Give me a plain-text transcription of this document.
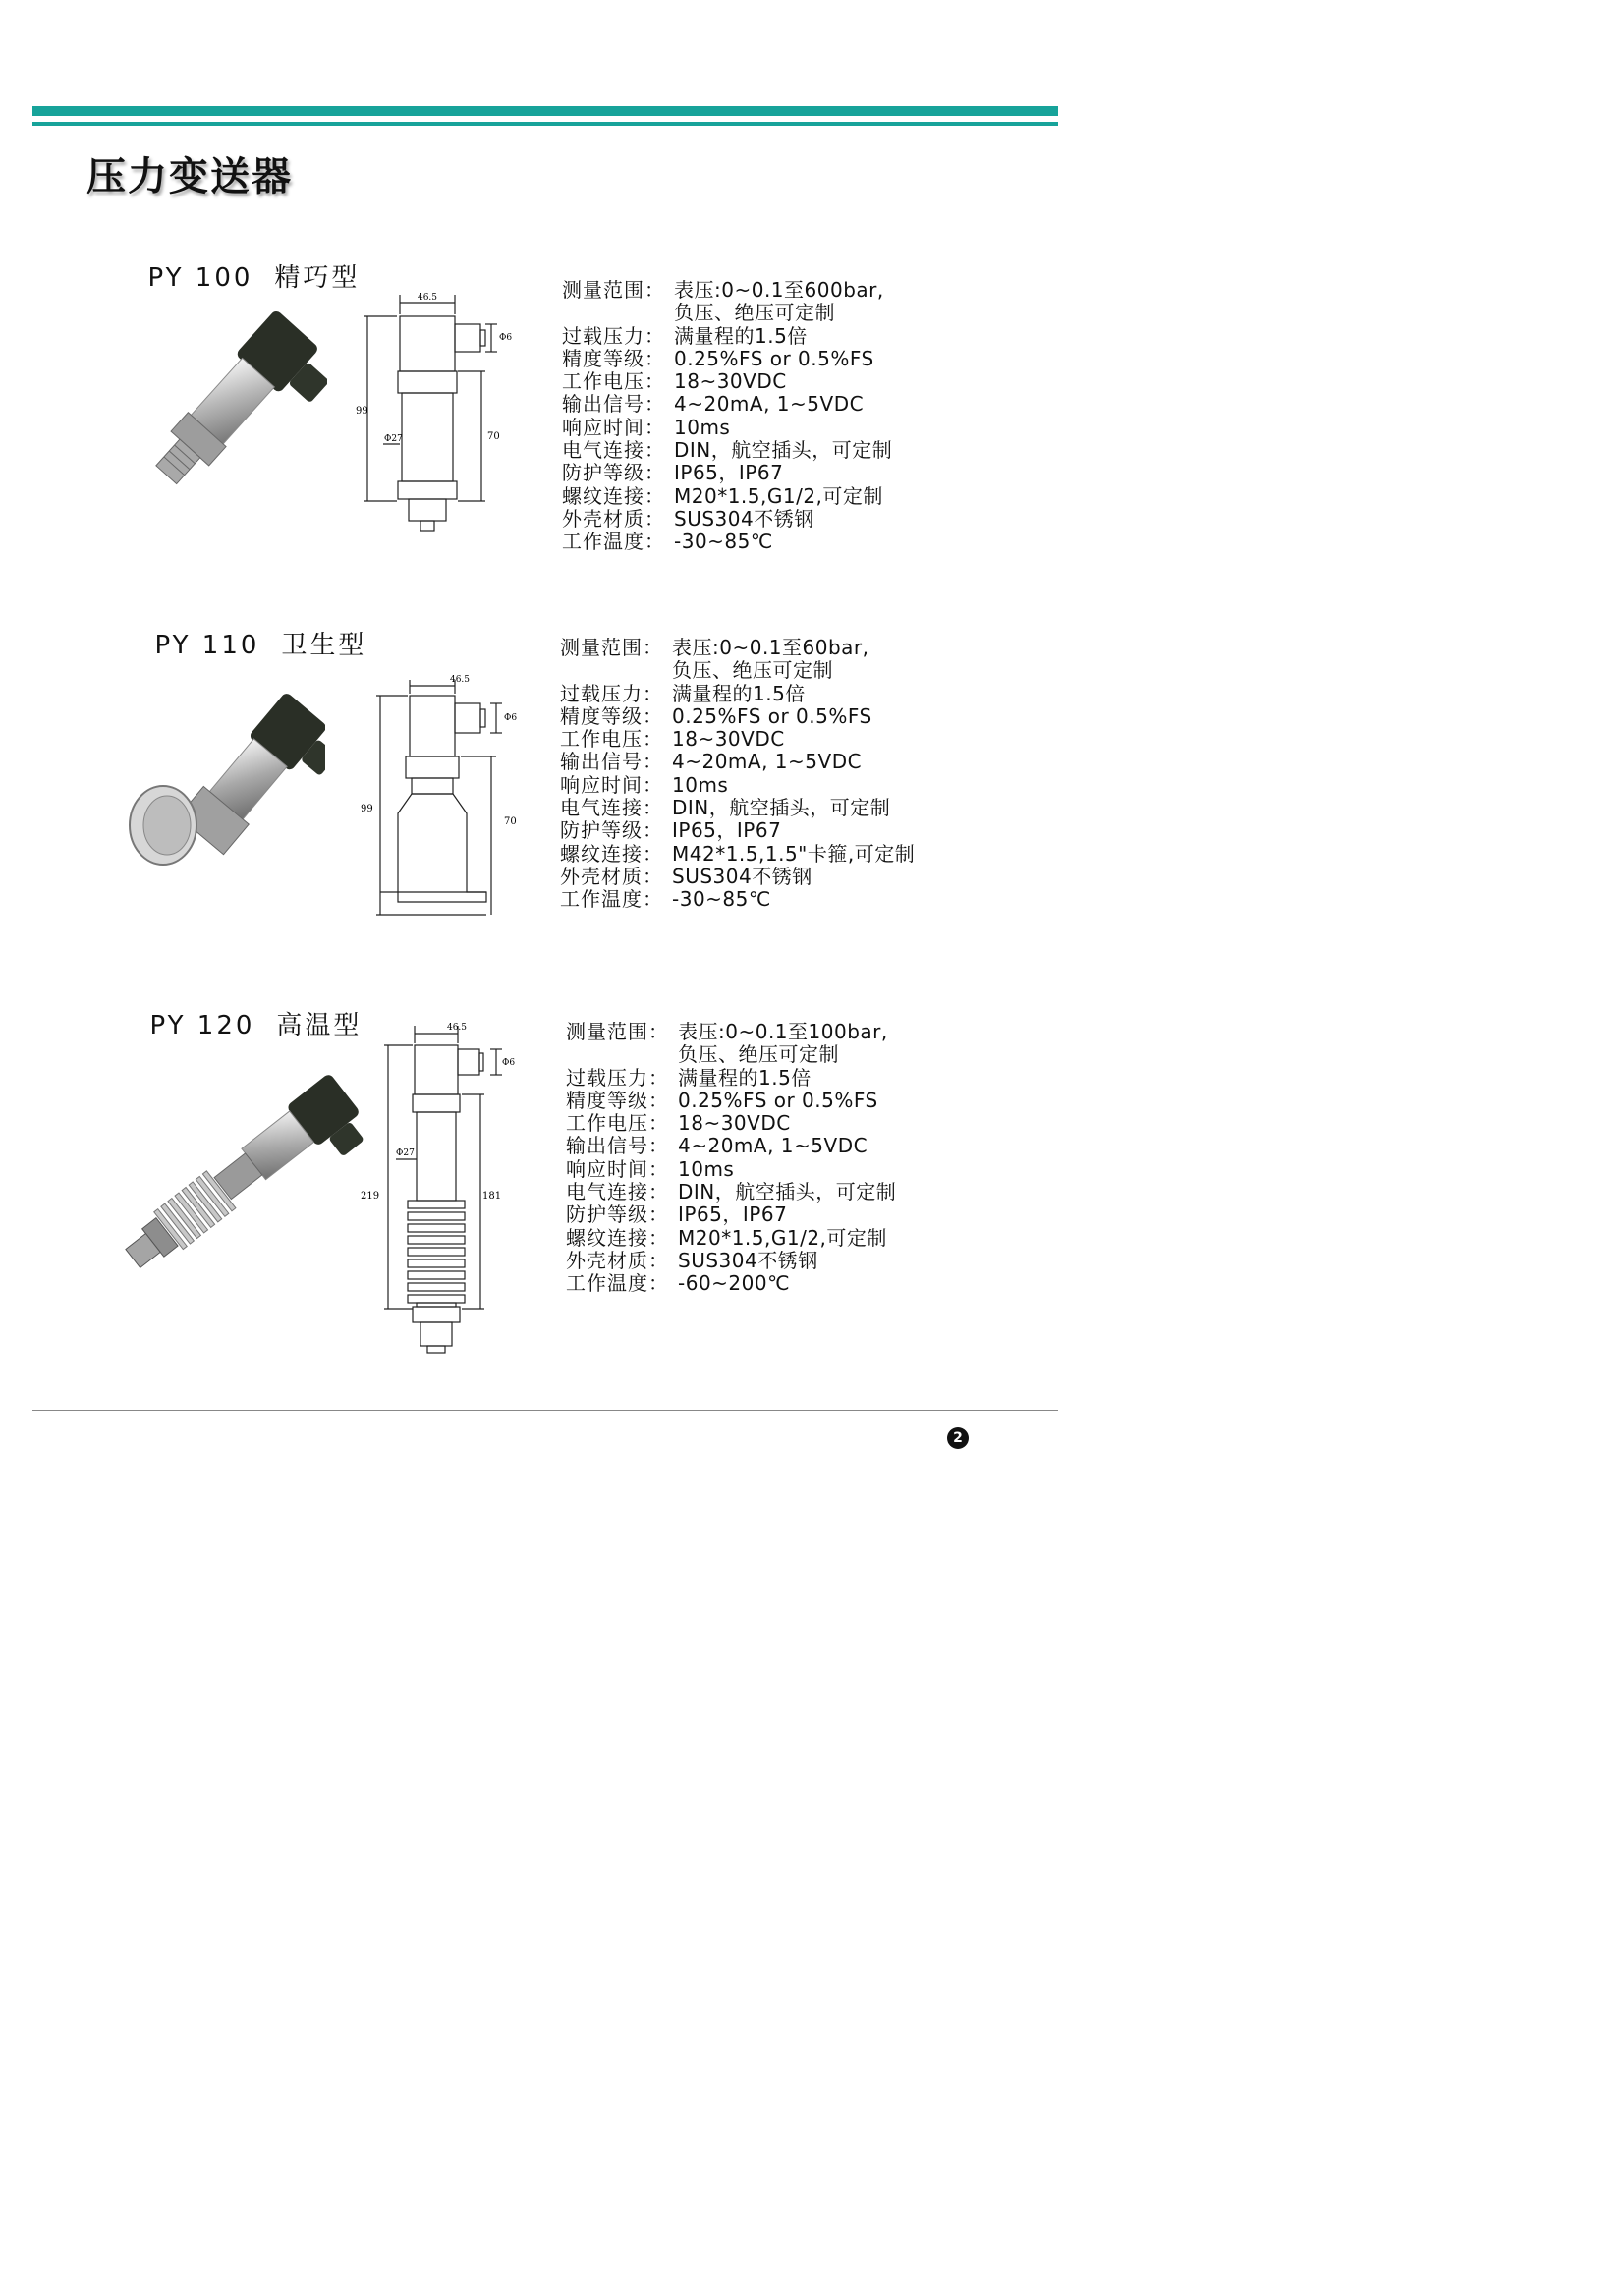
压力变送器

PY 100 精巧型

46.5
Φ6
Φ27
99
70
测量范围： 表压:0~0.1至600bar,
负压、绝压可定制
过载压力： 满量程的1.5倍
精度等级： 0.25%FS or 0.5%FS
工作电压： 18~30VDC
输出信号： 4~20mA, 1~5VDC
响应时间： 10ms
电气连接： DIN，航空插头，可定制
防护等级： IP65，IP67
螺纹连接： M20*1.5,G1/2,可定制
外壳材质： SUS304不锈钢
工作温度： -30~85℃

PY 110 卫生型

46.5
Φ6
99
70
测量范围： 表压:0~0.1至60bar,
负压、绝压可定制
过载压力： 满量程的1.5倍
精度等级： 0.25%FS or 0.5%FS
工作电压： 18~30VDC
输出信号： 4~20mA, 1~5VDC
响应时间： 10ms
电气连接： DIN，航空插头，可定制
防护等级： IP65，IP67
螺纹连接： M42*1.5,1.5"卡箍,可定制
外壳材质： SUS304不锈钢
工作温度： -30~85℃

PY 120 高温型	46.5
Φ6
Φ27
219	181
测量范围： 表压:0~0.1至100bar,
负压、绝压可定制
过载压力： 满量程的1.5倍
精度等级： 0.25%FS or 0.5%FS
工作电压： 18~30VDC
输出信号： 4~20mA, 1~5VDC
响应时间： 10ms
电气连接： DIN，航空插头，可定制
防护等级： IP65，IP67
螺纹连接： M20*1.5,G1/2,可定制
外壳材质： SUS304不锈钢
工作温度： -60~200℃
2
